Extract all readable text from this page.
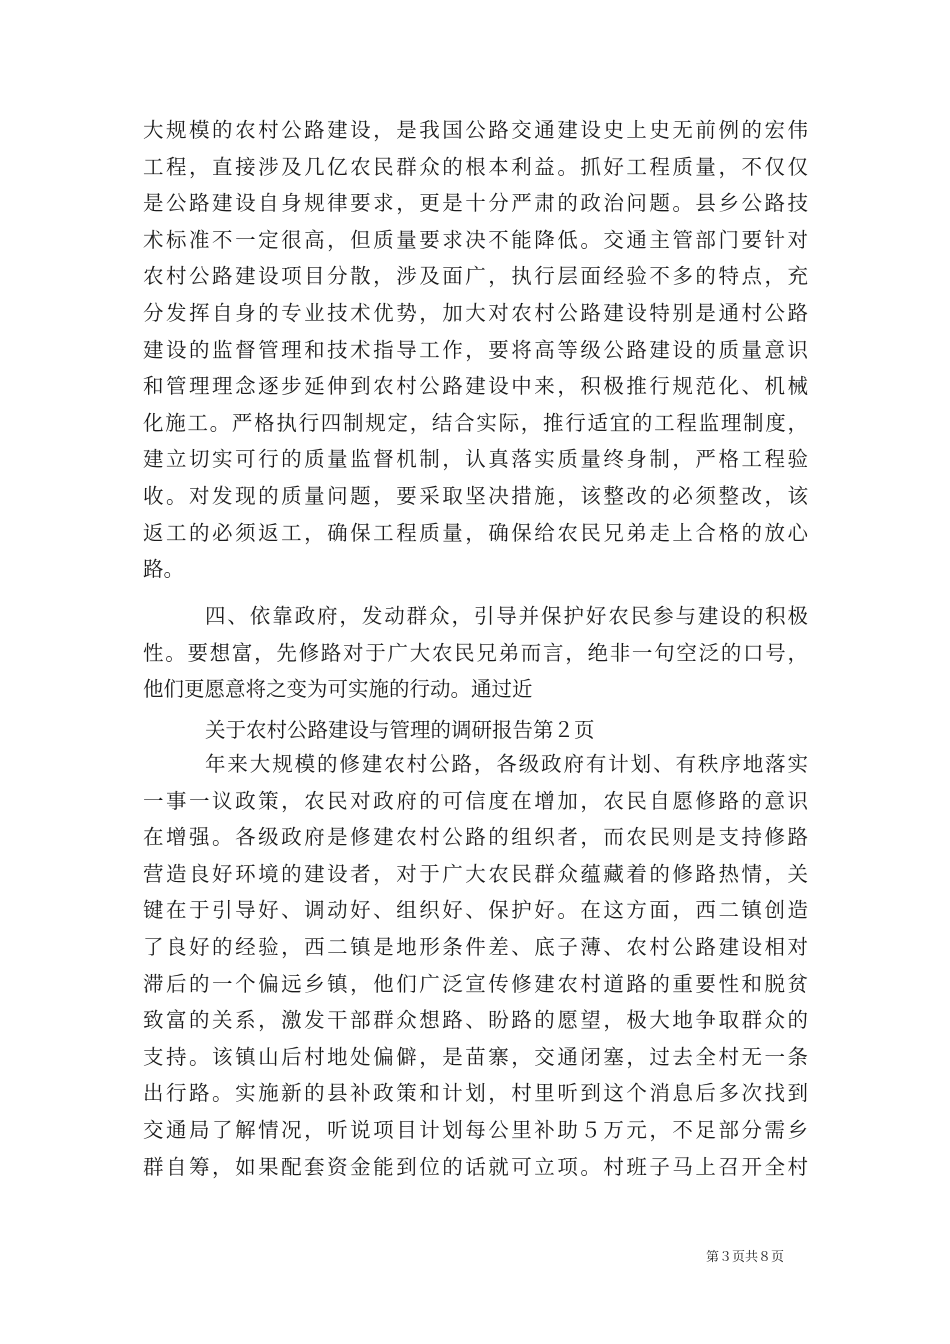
大规模的农村公路建设，是我国公路交通建设史上史无前例的宏伟
工程，直接涉及几亿农民群众的根本利益。抓好工程质量，不仅仅
是公路建设自身规律要求，更是十分严肃的政治问题。县乡公路技
术标准不一定很高，但质量要求决不能降低。交通主管部门要针对
农村公路建设项目分散，涉及面广，执行层面经验不多的特点，充
分发挥自身的专业技术优势，加大对农村公路建设特别是通村公路
建设的监督管理和技术指导工作，要将高等级公路建设的质量意识
和管理理念逐步延伸到农村公路建设中来，积极推行规范化、机械
化施工。严格执行四制规定，结合实际，推行适宜的工程监理制度，
建立切实可行的质量监督机制，认真落实质量终身制，严格工程验
收。对发现的质量问题，要采取坚决措施，该整改的必须整改，该
返工的必须返工，确保工程质量，确保给农民兄弟走上合格的放心
路。
四、依靠政府，发动群众，引导并保护好农民参与建设的积极
性。要想富，先修路对于广大农民兄弟而言，绝非一句空泛的口号，
他们更愿意将之变为可实施的行动。通过近
关于农村公路建设与管理的调研报告第２页
年来大规模的修建农村公路，各级政府有计划、有秩序地落实
一事一议政策，农民对政府的可信度在增加，农民自愿修路的意识
在增强。各级政府是修建农村公路的组织者，而农民则是支持修路
营造良好环境的建设者，对于广大农民群众蕴藏着的修路热情，关
键在于引导好、调动好、组织好、保护好。在这方面，西二镇创造
了良好的经验，西二镇是地形条件差、底子薄、农村公路建设相对
滞后的一个偏远乡镇，他们广泛宣传修建农村道路的重要性和脱贫
致富的关系，激发干部群众想路、盼路的愿望，极大地争取群众的
支持。该镇山后村地处偏僻，是苗寨，交通闭塞，过去全村无一条
出行路。实施新的县补政策和计划，村里听到这个消息后多次找到
交通局了解情况，听说项目计划每公里补助５万元，不足部分需乡
群自筹，如果配套资金能到位的话就可立项。村班子马上召开全村
第３页共８页
